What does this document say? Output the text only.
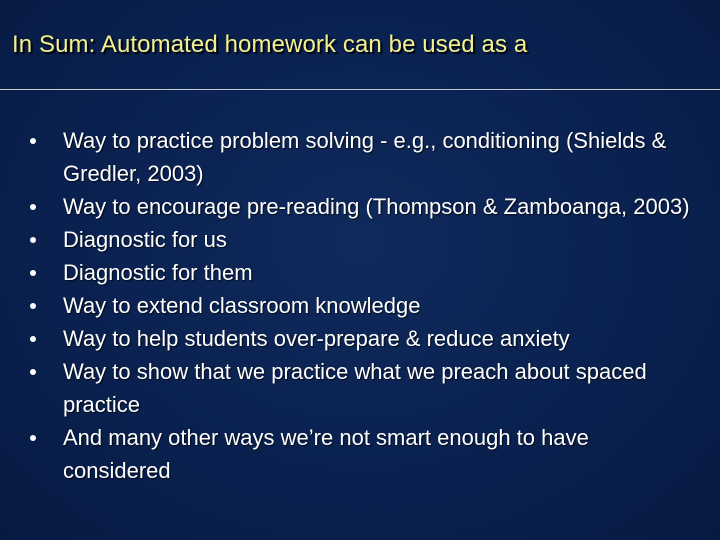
In Sum: Automated homework can be used as a
Way to practice problem solving - e.g., conditioning (Shields & Gredler, 2003)
Way to encourage pre-reading (Thompson & Zamboanga, 2003)
Diagnostic for us
Diagnostic for them
Way to extend classroom knowledge
Way to help students over-prepare & reduce anxiety
Way to show that we practice what we preach about spaced practice
And many other ways we’re not smart enough to have considered
